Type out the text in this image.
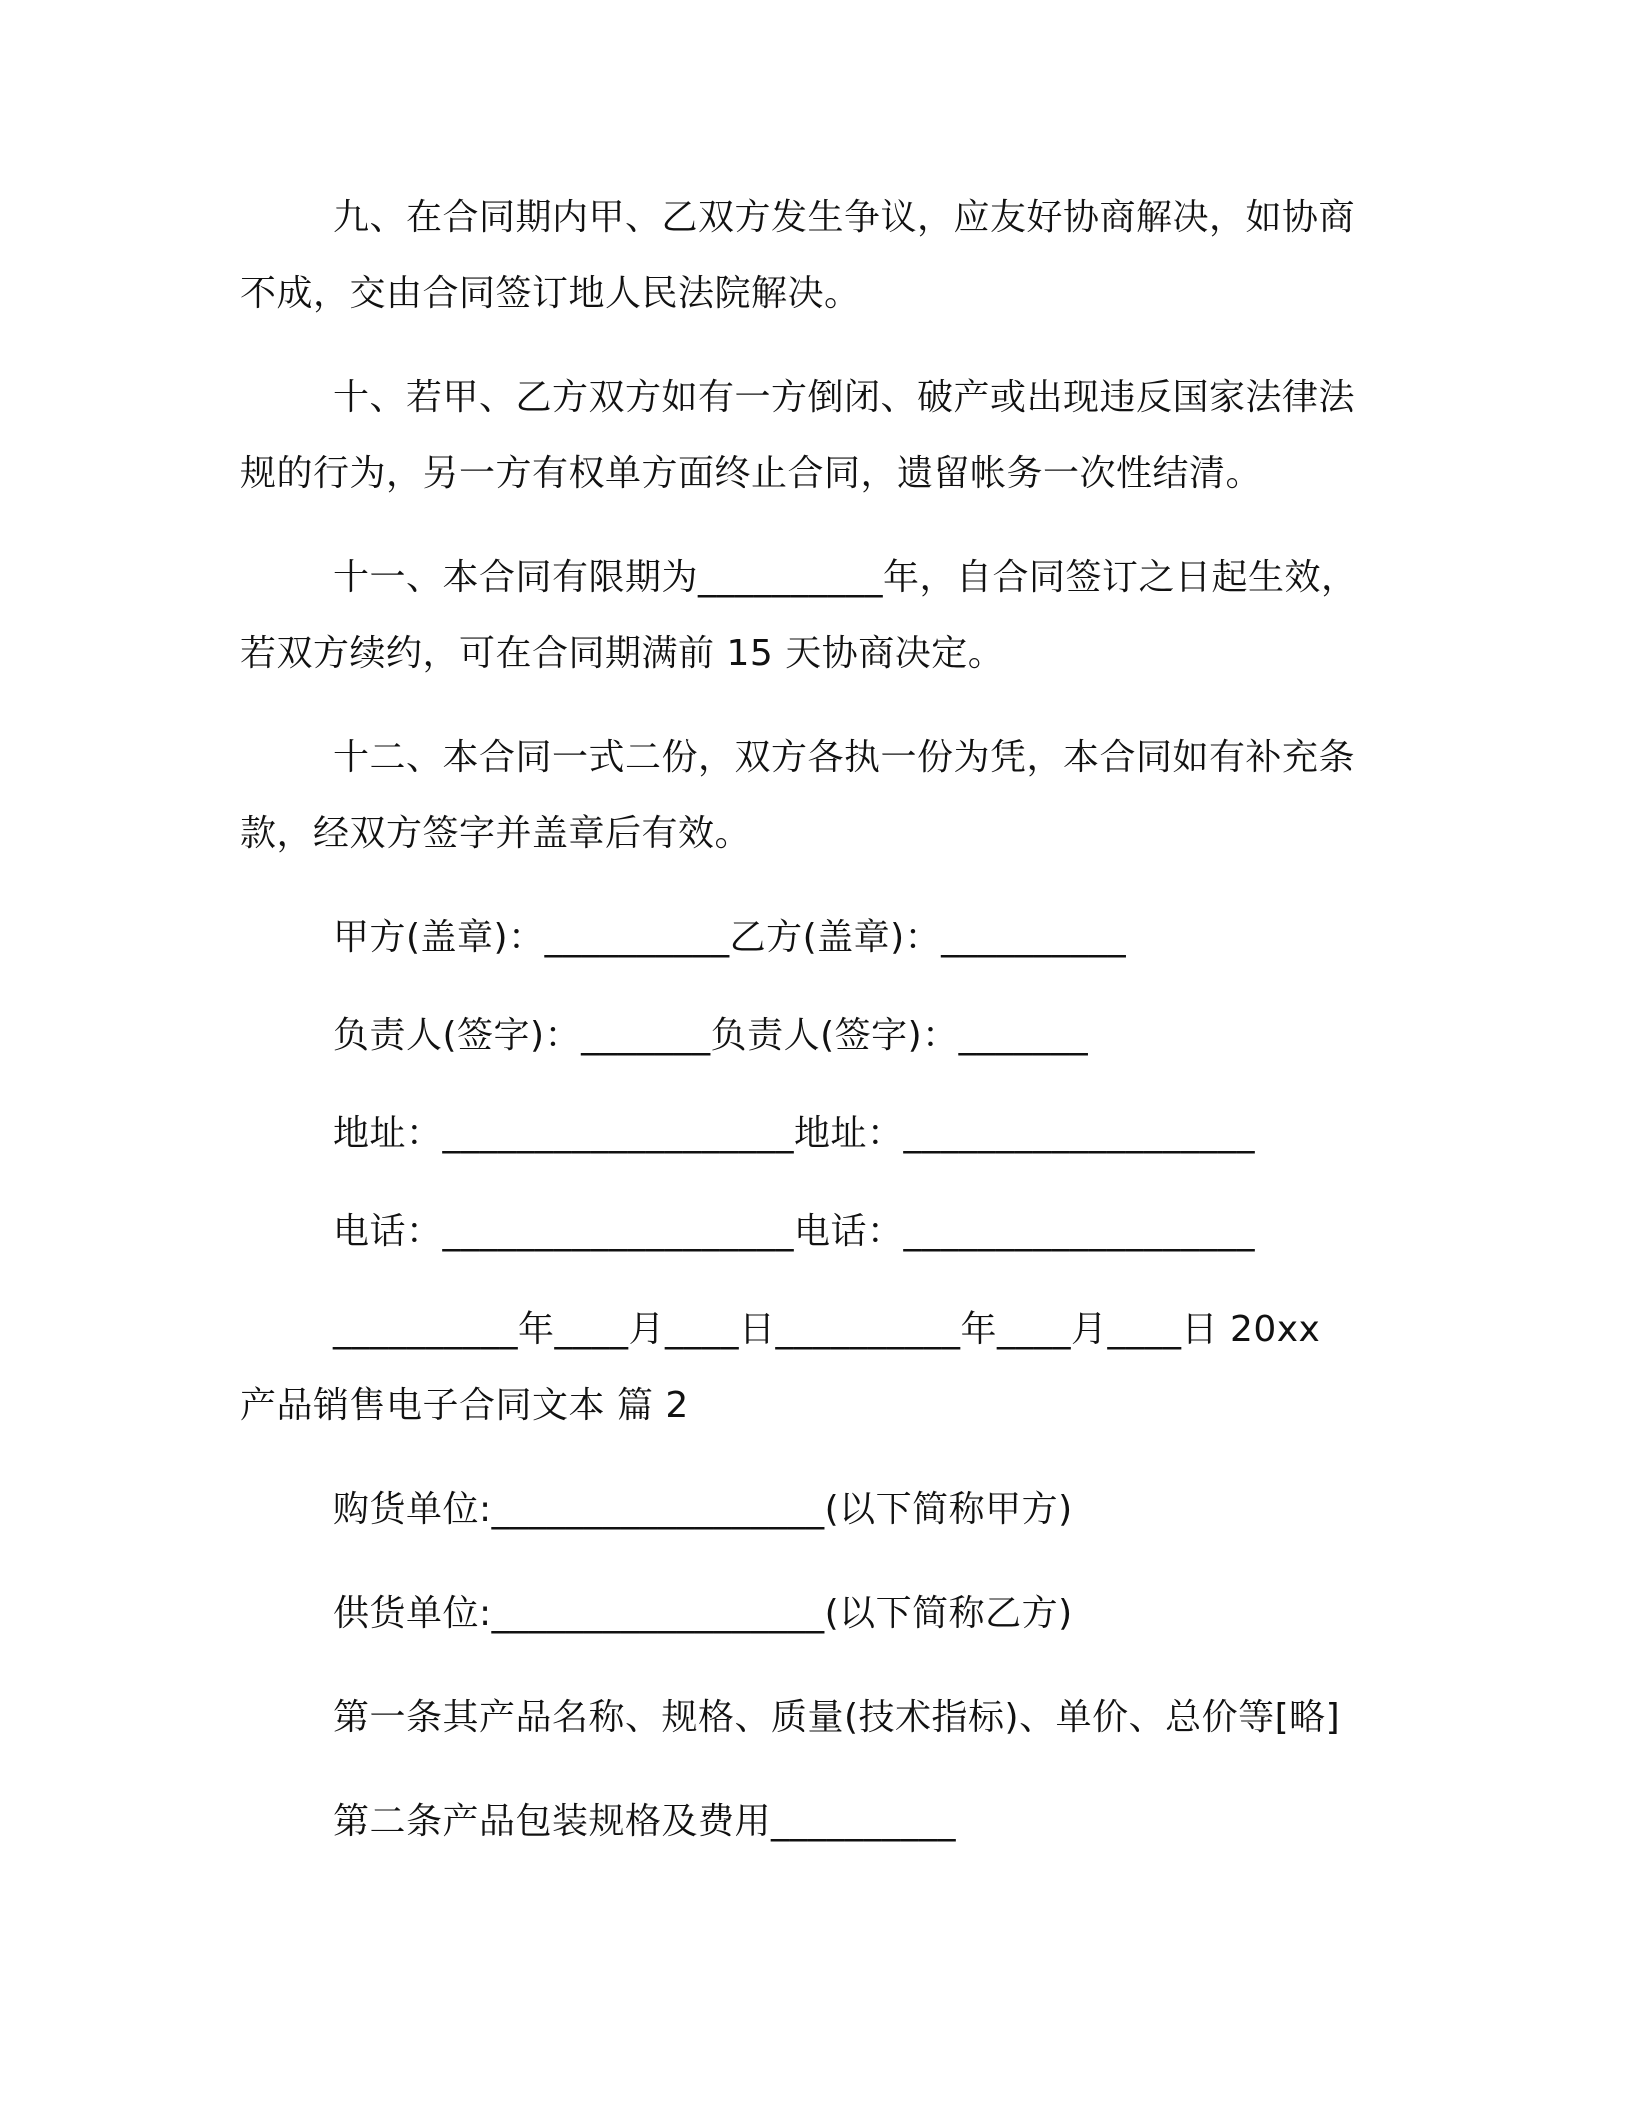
九、在合同期内甲、乙双方发生争议，应友好协商解决，如协商
不成，交由合同签订地人民法院解决。
十、若甲、乙方双方如有一方倒闭、破产或出现违反国家法律法
规的行为，另一方有权单方面终止合同，遗留帐务一次性结清。
十一、本合同有限期为__________年，自合同签订之日起生效，
若双方续约，可在合同期满前 15 天协商决定。
十二、本合同一式二份，双方各执一份为凭，本合同如有补充条
款，经双方签字并盖章后有效。
甲方(盖章)：__________乙方(盖章)：__________
负责人(签字)：_______负责人(签字)：_______
地址：___________________地址：___________________
电话：___________________电话：___________________
__________年____月____日__________年____月____日 20xx
产品销售电子合同文本 篇 2
购货单位:__________________(以下简称甲方)
供货单位:__________________(以下简称乙方)
第一条其产品名称、规格、质量(技术指标)、单价、总价等[略]
第二条产品包装规格及费用__________
